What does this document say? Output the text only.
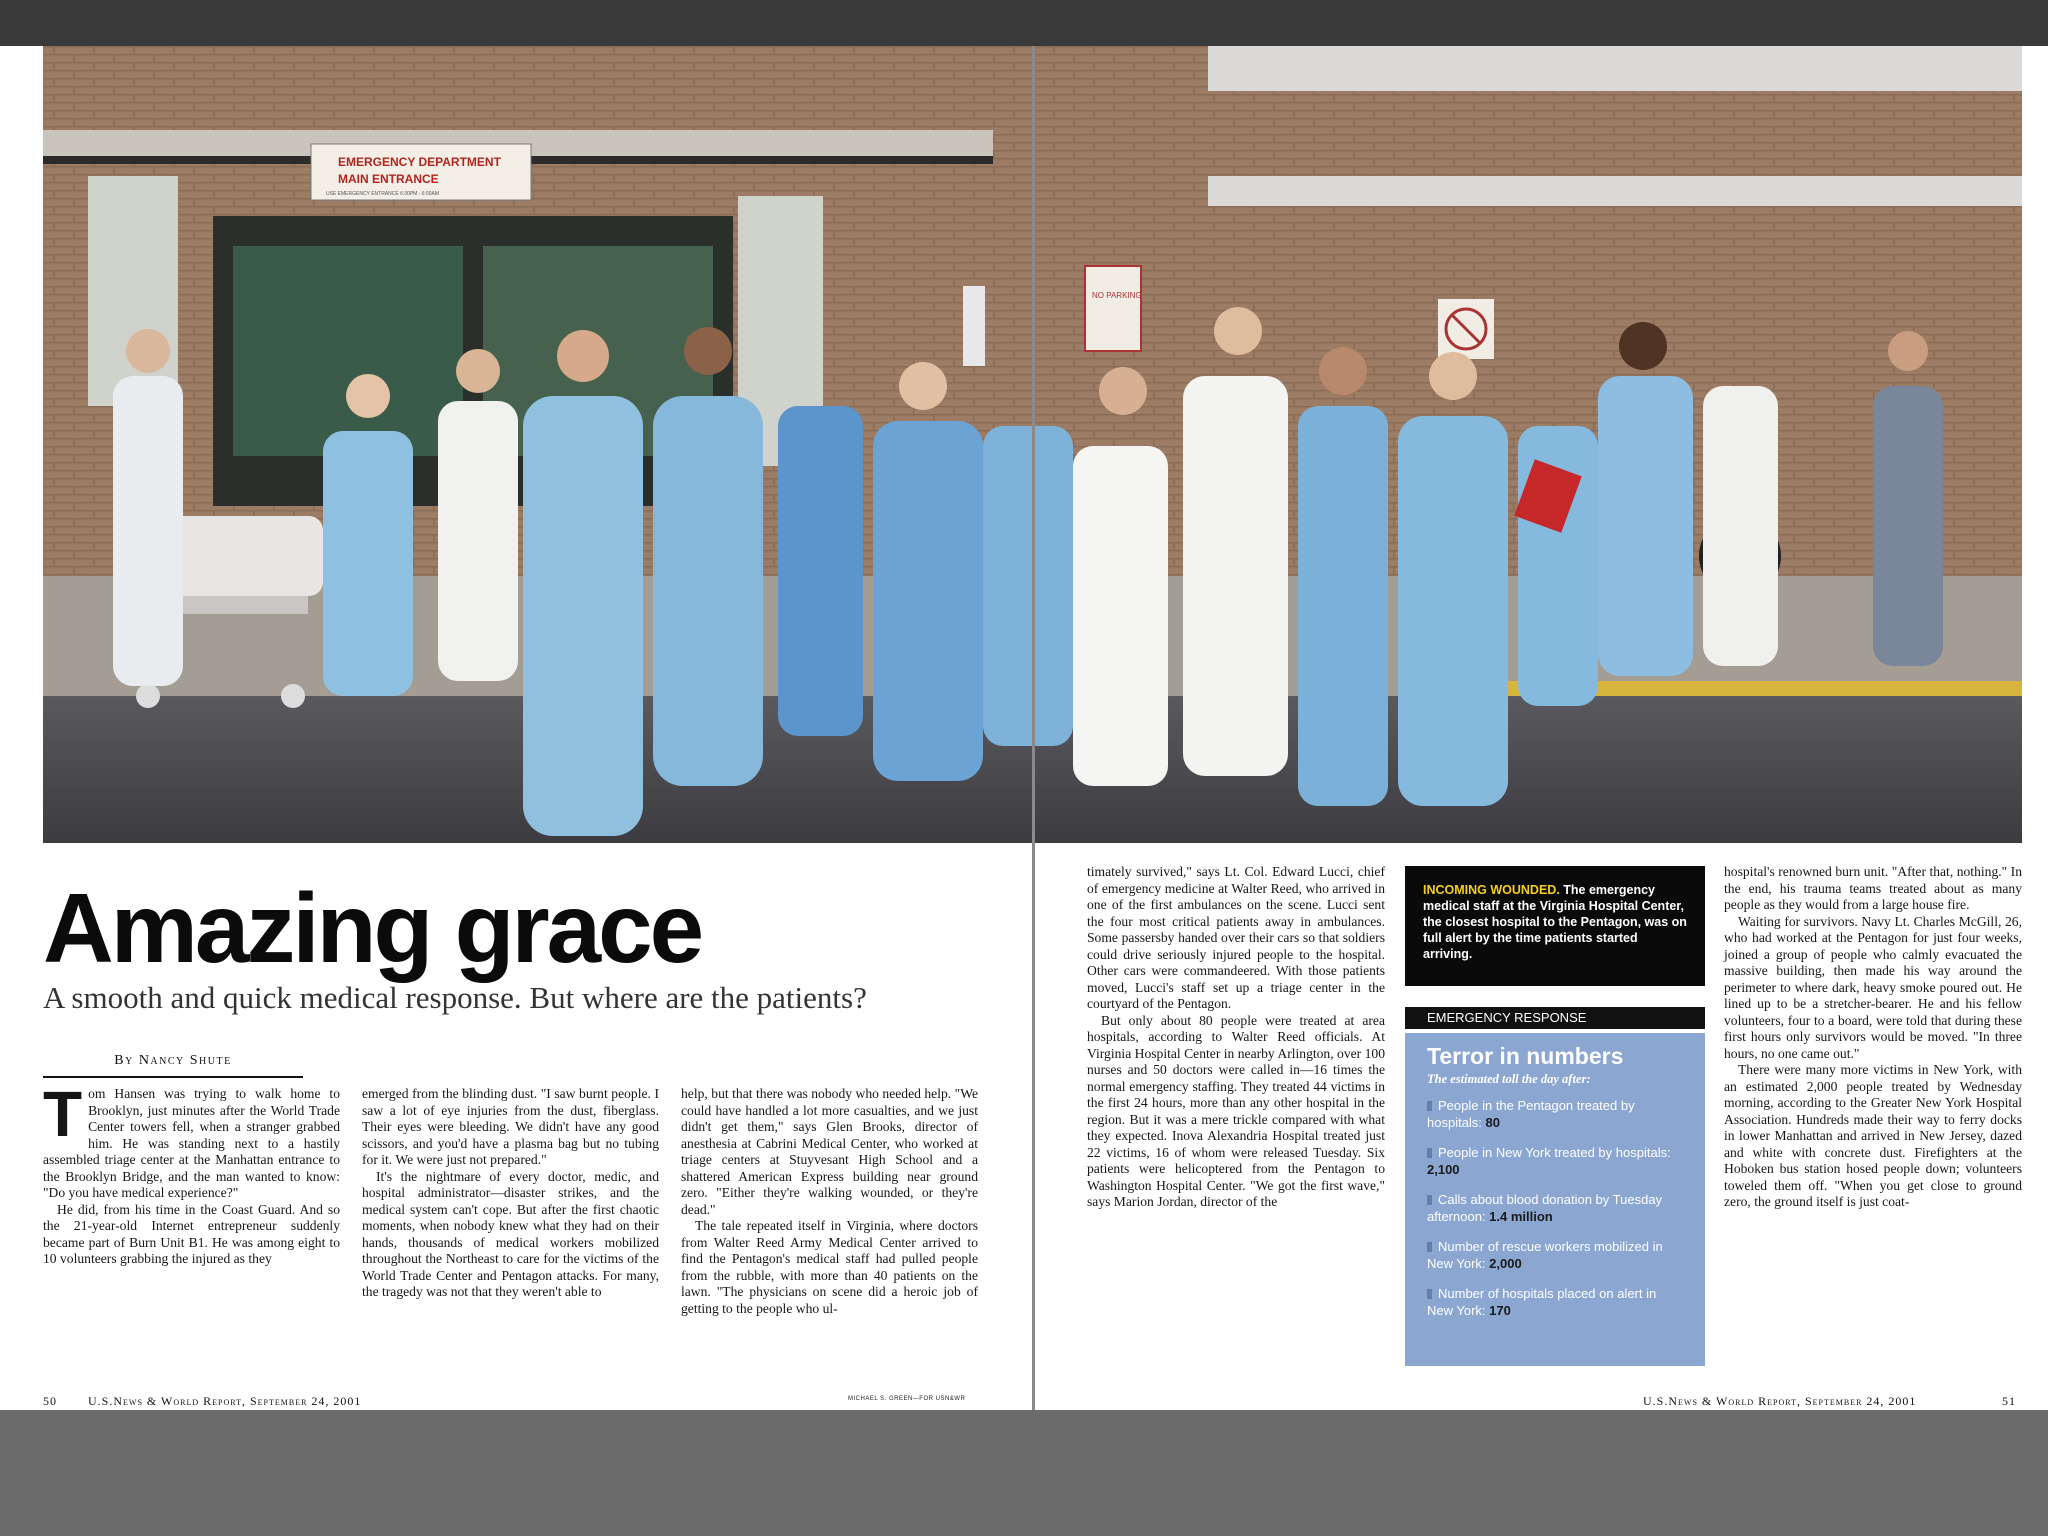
EMERGENCY DEPARTMENT
MAIN ENTRANCE
USE EMERGENCY ENTRANCE 6:30PM - 6:00AM
NO PARKING
Amazing grace
A smooth and quick medical response. But where are the patients?
By Nancy Shute

Tom Hansen was trying to walk home to Brooklyn, just minutes after the World Trade Center towers fell, when a stranger grabbed him. He was standing next to a hastily assembled triage center at the Manhattan entrance to the Brooklyn Bridge, and the man wanted to know: "Do you have medical experience?"

He did, from his time in the Coast Guard. And so the 21-year-old Internet entrepreneur suddenly became part of Burn Unit B1. He was among eight to 10 volunteers grabbing the injured as they

emerged from the blinding dust. "I saw burnt people. I saw a lot of eye injuries from the dust, fiberglass. Their eyes were bleeding. We didn't have any good scissors, and you'd have a plasma bag but no tubing for it. We were just not prepared."

It's the nightmare of every doctor, medic, and hospital administrator—disaster strikes, and the medical system can't cope. But after the first chaotic moments, when nobody knew what they had on their hands, thousands of medical workers mobilized throughout the Northeast to care for the victims of the World Trade Center and Pentagon attacks. For many, the tragedy was not that they weren't able to

help, but that there was nobody who needed help. "We could have handled a lot more casualties, and we just didn't get them," says Glen Brooks, director of anesthesia at Cabrini Medical Center, who worked at triage centers at Stuyvesant High School and a shattered American Express building near ground zero. "Either they're walking wounded, or they're dead."

The tale repeated itself in Virginia, where doctors from Walter Reed Army Medical Center arrived to find the Pentagon's medical staff had pulled people from the rubble, with more than 40 patients on the lawn. "The physicians on scene did a heroic job of getting to the people who ul-

timately survived," says Lt. Col. Edward Lucci, chief of emergency medicine at Walter Reed, who arrived in one of the first ambulances on the scene. Lucci sent the four most critical patients away in ambulances. Some passersby handed over their cars so that soldiers could drive seriously injured people to the hospital. Other cars were commandeered. With those patients moved, Lucci's staff set up a triage center in the courtyard of the Pentagon.

But only about 80 people were treated at area hospitals, according to Walter Reed officials. At Virginia Hospital Center in nearby Arlington, over 100 nurses and 50 doctors were called in—16 times the normal emergency staffing. They treated 44 victims in the first 24 hours, more than any other hospital in the region. But it was a mere trickle compared with what they expected. Inova Alexandria Hospital treated just 22 victims, 16 of whom were released Tuesday. Six patients were helicoptered from the Pentagon to Washington Hospital Center. "We got the first wave," says Marion Jordan, director of the

INCOMING WOUNDED. The emergency medical staff at the Virginia Hospital Center, the closest hospital to the Pentagon, was on full alert by the time patients started arriving.
EMERGENCY RESPONSE
Terror in numbers
The estimated toll the day after:
People in the Pentagon treated by hospitals: 80
People in New York treated by hospitals: 2,100
Calls about blood donation by Tuesday afternoon: 1.4 million
Number of rescue workers mobilized in New York: 2,000
Number of hospitals placed on alert in New York: 170

hospital's renowned burn unit. "After that, nothing." In the end, his trauma teams treated about as many people as they would from a large house fire.

Waiting for survivors. Navy Lt. Charles McGill, 26, who had worked at the Pentagon for just four weeks, joined a group of people who calmly evacuated the massive building, then made his way around the perimeter to where dark, heavy smoke poured out. He lined up to be a stretcher-bearer. He and his fellow volunteers, four to a board, were told that during these first hours only survivors would be moved. "In three hours, no one came out."

There were many more victims in New York, with an estimated 2,000 people treated by Wednesday morning, according to the Greater New York Hospital Association. Hundreds made their way to ferry docks in lower Manhattan and arrived in New Jersey, dazed and white with concrete dust. Firefighters at the Hoboken bus station hosed people down; volunteers toweled them off. "When you get close to ground zero, the ground itself is just coat-

50	U.S.News & World Report, September 24, 2001	MICHAEL S. GREEN—FOR USN&WR	U.S.News & World Report, September 24, 2001	51
